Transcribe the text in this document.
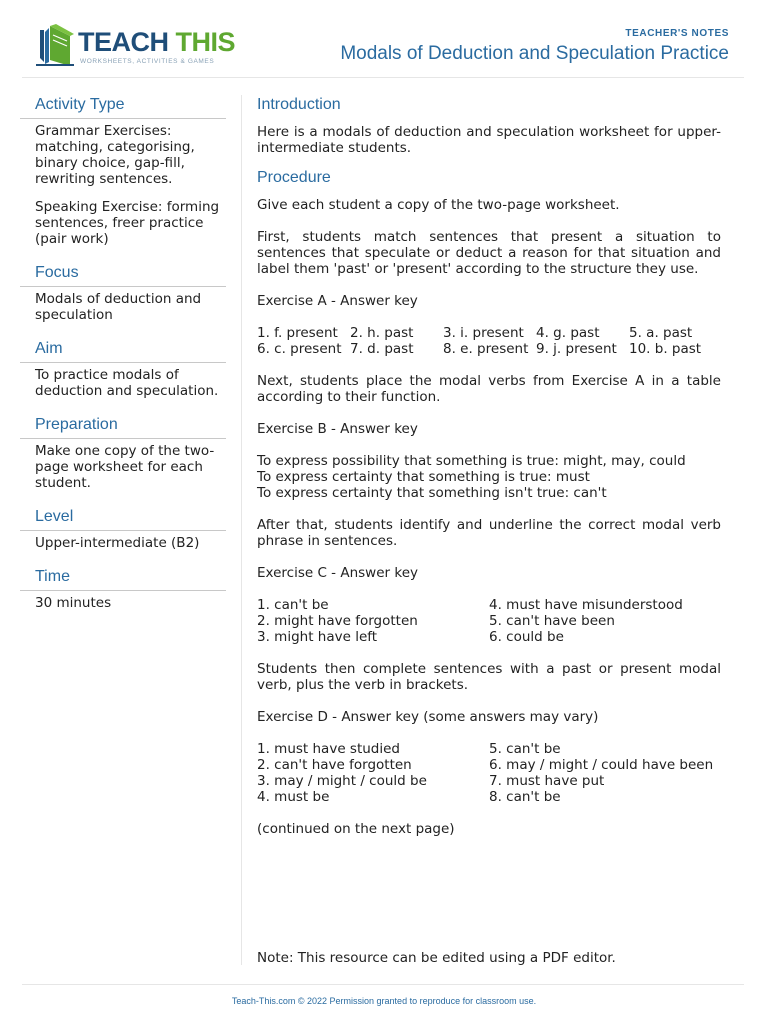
TEACH THIS
WORKSHEETS, ACTIVITIES & GAMES
TEACHER'S NOTES
Modals of Deduction and Speculation Practice
Activity Type

Grammar Exercises: matching, categorising, binary choice, gap-fill, rewriting sentences.

Speaking Exercise: forming sentences, freer practice (pair work)

Focus

Modals of deduction and speculation

Aim

To practice modals of deduction and speculation.

Preparation

Make one copy of the two-page worksheet for each student.

Level

Upper-intermediate (B2)

Time

30 minutes

Introduction

Here is a modals of deduction and speculation worksheet for upper-intermediate students.

Procedure

Give each student a copy of the two-page worksheet.

First, students match sentences that present a situation to sentences that speculate or deduct a reason for that situation and label them 'past' or 'present' according to the structure they use.

Exercise A - Answer key

1. f. present 2. h. past	3. i. present 4. g. past	5. a. past
6. c. present 7. d. past	8. e. present 9. j. present 10. b. past

Next, students place the modal verbs from Exercise A in a table according to their function.

Exercise B - Answer key

To express possibility that something is true: might, may, could
To express certainty that something is true: must
To express certainty that something isn't true: can't

After that, students identify and underline the correct modal verb phrase in sentences.

Exercise C - Answer key

1. can't be	4. must have misunderstood
2. might have forgotten	5. can't have been
3. might have left	6. could be

Students then complete sentences with a past or present modal verb, plus the verb in brackets.

Exercise D - Answer key (some answers may vary)

1. must have studied	5. can't be
2. can't have forgotten	6. may / might / could have been
3. may / might / could be	7. must have put
4. must be	8. can't be

(continued on the next page)

Note: This resource can be edited using a PDF editor.
Teach-This.com © 2022 Permission granted to reproduce for classroom use.
